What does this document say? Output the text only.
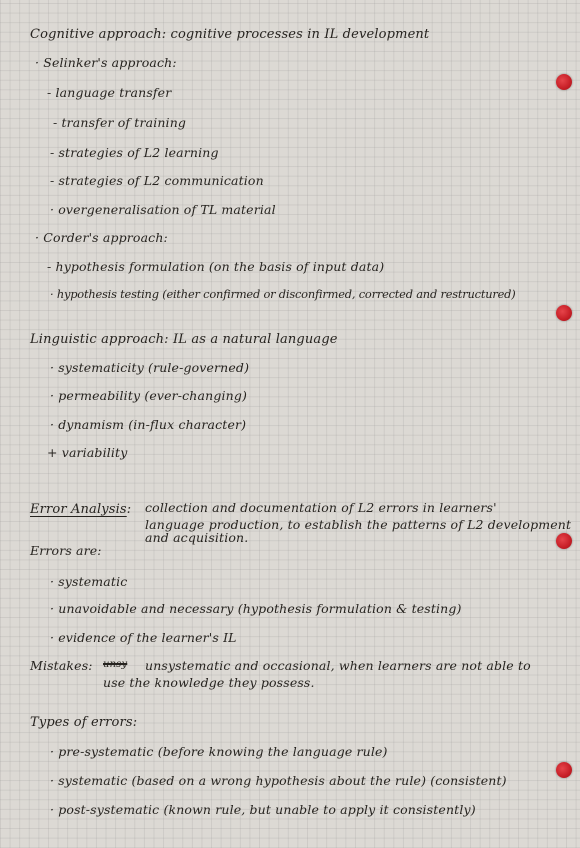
Cognitive approach: cognitive processes in IL development
· Selinker's approach:
- language transfer
- transfer of training
- strategies of L2 learning
- strategies of L2 communication
· overgeneralisation of TL material
· Corder's approach:
- hypothesis formulation (on the basis of input data)
· hypothesis testing (either confirmed or disconfirmed, corrected and restructured)
Linguistic approach: IL as a natural language
· systematicity (rule-governed)
· permeability (ever-changing)
· dynamism (in-flux character)
+ variability
Error Analysis: collection and documentation of L2 errors in learners'
language production, to establish the patterns of L2 development
and acquisition.
Errors are:
· systematic
· unavoidable and necessary (hypothesis formulation & testing)
· evidence of the learner's IL
Mistakes: unsy unsystematic and occasional, when learners are not able to
use the knowledge they possess.
Types of errors:
· pre-systematic (before knowing the language rule)
· systematic (based on a wrong hypothesis about the rule) (consistent)
· post-systematic (known rule, but unable to apply it consistently)
